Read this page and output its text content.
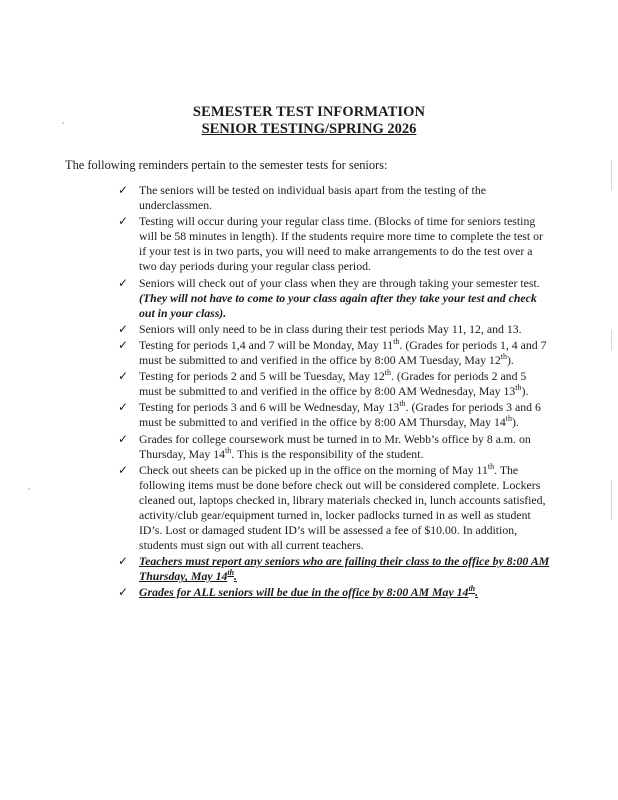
SEMESTER TEST INFORMATION

SENIOR TESTING/SPRING 2026

The following reminders pertain to the semester tests for seniors:
✓ The seniors will be tested on individual basis apart from the testing of the underclassmen.
✓ Testing will occur during your regular class time. (Blocks of time for seniors testing will be 58 minutes in length). If the students require more time to complete the test or if your test is in two parts, you will need to make arrangements to do the test over a two day periods during your regular class period.
✓ Seniors will check out of your class when they are through taking your semester test. (They will not have to come to your class again after they take your test and check out in your class).
✓ Seniors will only need to be in class during their test periods May 11, 12, and 13.
✓ Testing for periods 1,4 and 7 will be Monday, May 11th. (Grades for periods 1, 4 and 7 must be submitted to and verified in the office by 8:00 AM Tuesday, May 12th).
✓ Testing for periods 2 and 5 will be Tuesday, May 12th. (Grades for periods 2 and 5 must be submitted to and verified in the office by 8:00 AM Wednesday, May 13th).
✓ Testing for periods 3 and 6 will be Wednesday, May 13th. (Grades for periods 3 and 6 must be submitted to and verified in the office by 8:00 AM Thursday, May 14th).
✓ Grades for college coursework must be turned in to Mr. Webb’s office by 8 a.m. on Thursday, May 14th. This is the responsibility of the student.
✓ Check out sheets can be picked up in the office on the morning of May 11th. The following items must be done before check out will be considered complete. Lockers cleaned out, laptops checked in, library materials checked in, lunch accounts satisfied, activity/club gear/equipment turned in, locker padlocks turned in as well as student ID’s. Lost or damaged student ID’s will be assessed a fee of $10.00. In addition, students must sign out with all current teachers.
✓ Teachers must report any seniors who are failing their class to the office by 8:00 AM Thursday, May 14th.
✓ Grades for ALL seniors will be due in the office by 8:00 AM May 14th.
